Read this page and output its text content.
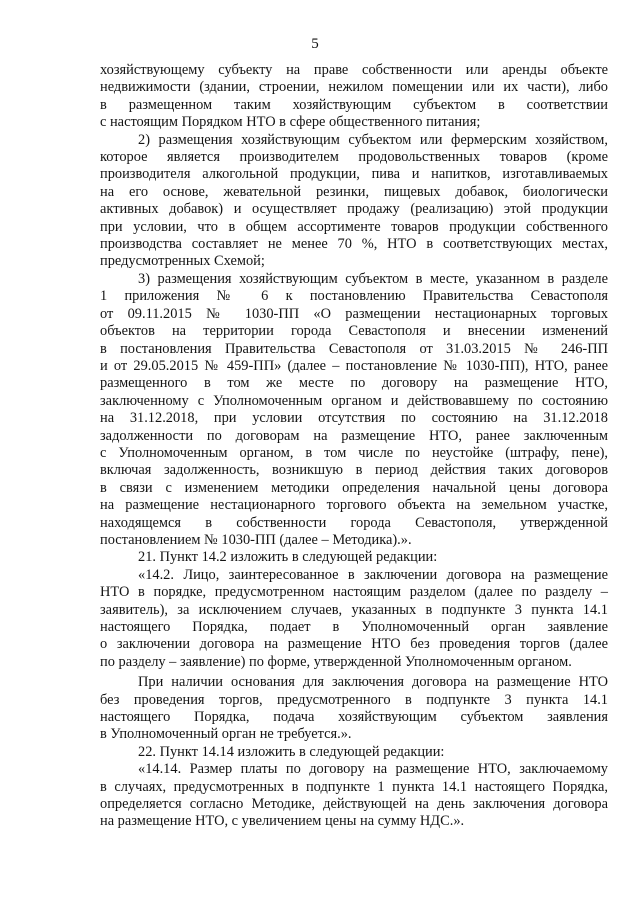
5

хозяйствующему субъекту на праве собственности или аренды объекте
недвижимости (здании, строении, нежилом помещении или их части), либо
в размещенном таким хозяйствующим субъектом в соответствии
с настоящим Порядком НТО в сфере общественного питания;

2) размещения хозяйствующим субъектом или фермерским хозяйством,
которое является производителем продовольственных товаров (кроме
производителя алкогольной продукции, пива и напитков, изготавливаемых
на его основе, жевательной резинки, пищевых добавок, биологически
активных добавок) и осуществляет продажу (реализацию) этой продукции
при условии, что в общем ассортименте товаров продукции собственного
производства составляет не менее 70 %, НТО в соответствующих местах,
предусмотренных Схемой;

3) размещения хозяйствующим субъектом в месте, указанном в разделе
1 приложения № 6 к постановлению Правительства Севастополя
от 09.11.2015 № 1030-ПП «О размещении нестационарных торговых
объектов на территории города Севастополя и внесении изменений
в постановления Правительства Севастополя от 31.03.2015 № 246-ПП
и от 29.05.2015 № 459-ПП» (далее – постановление № 1030-ПП), НТО, ранее
размещенного в том же месте по договору на размещение НТО,
заключенному с Уполномоченным органом и действовавшему по состоянию
на 31.12.2018, при условии отсутствия по состоянию на 31.12.2018
задолженности по договорам на размещение НТО, ранее заключенным
с Уполномоченным органом, в том числе по неустойке (штрафу, пене),
включая задолженность, возникшую в период действия таких договоров
в связи с изменением методики определения начальной цены договора
на размещение нестационарного торгового объекта на земельном участке,
находящемся в собственности города Севастополя, утвержденной
постановлением № 1030-ПП (далее – Методика).».

21. Пункт 14.2 изложить в следующей редакции:

«14.2. Лицо, заинтересованное в заключении договора на размещение
НТО в порядке, предусмотренном настоящим разделом (далее по разделу –
заявитель), за исключением случаев, указанных в подпункте 3 пункта 14.1
настоящего Порядка, подает в Уполномоченный орган заявление
о заключении договора на размещение НТО без проведения торгов (далее
по разделу – заявление) по форме, утвержденной Уполномоченным органом.

При наличии основания для заключения договора на размещение НТО
без проведения торгов, предусмотренного в подпункте 3 пункта 14.1
настоящего Порядка, подача хозяйствующим субъектом заявления
в Уполномоченный орган не требуется.».

22. Пункт 14.14 изложить в следующей редакции:

«14.14. Размер платы по договору на размещение НТО, заключаемому
в случаях, предусмотренных в подпункте 1 пункта 14.1 настоящего Порядка,
определяется согласно Методике, действующей на день заключения договора
на размещение НТО, с увеличением цены на сумму НДС.».
